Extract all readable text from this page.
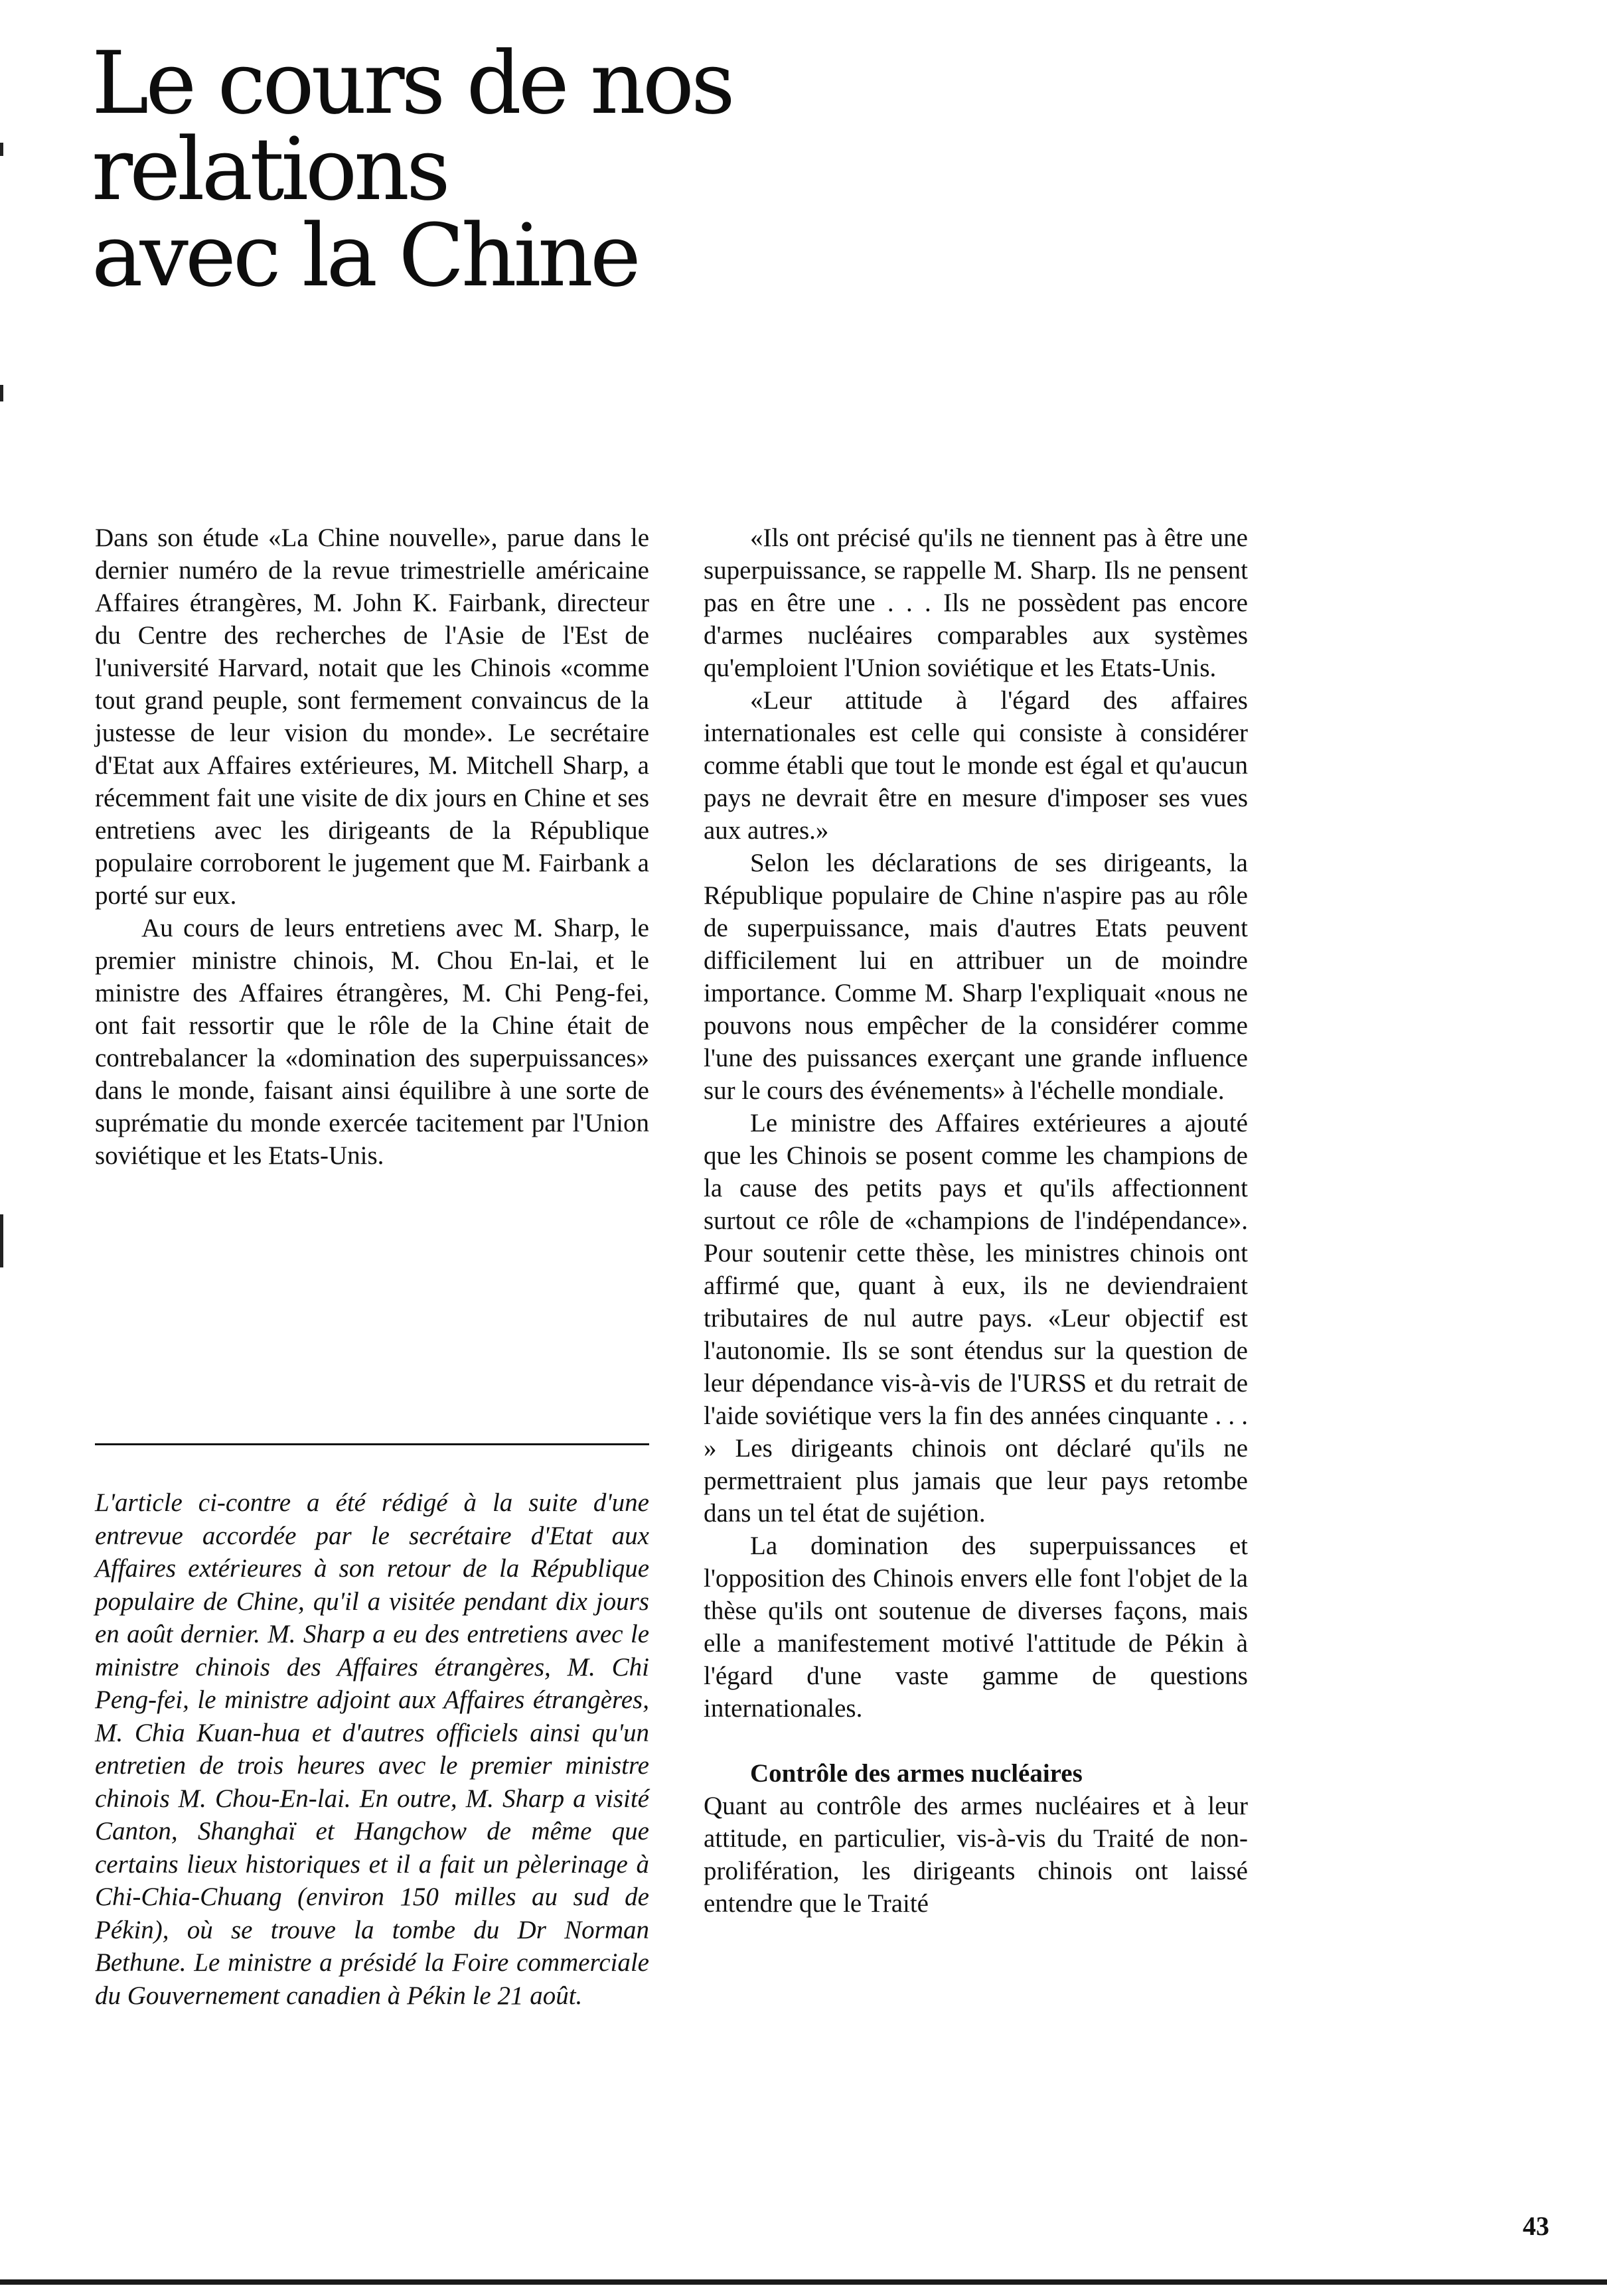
Le cours de nos relations
avec la Chine

Dans son étude «La Chine nouvelle», parue dans le dernier numéro de la revue trimestrielle américaine Affaires étrangères, M. John K. Fairbank, directeur du Centre des recherches de l'Asie de l'Est de l'université Harvard, notait que les Chinois «comme tout grand peuple, sont fermement convaincus de la justesse de leur vision du monde». Le secrétaire d'Etat aux Affaires extérieures, M. Mitchell Sharp, a récemment fait une visite de dix jours en Chine et ses entretiens avec les dirigeants de la République populaire corroborent le jugement que M. Fairbank a porté sur eux.

Au cours de leurs entretiens avec M. Sharp, le premier ministre chinois, M. Chou En-lai, et le ministre des Affaires étrangères, M. Chi Peng-fei, ont fait ressortir que le rôle de la Chine était de contrebalancer la «domination des superpuissances» dans le monde, faisant ainsi équilibre à une sorte de suprématie du monde exercée tacitement par l'Union soviétique et les Etats-Unis.

L'article ci-contre a été rédigé à la suite d'une entrevue accordée par le secrétaire d'Etat aux Affaires extérieures à son retour de la République populaire de Chine, qu'il a visitée pendant dix jours en août dernier. M. Sharp a eu des entretiens avec le ministre chinois des Affaires étrangères, M. Chi Peng-fei, le ministre adjoint aux Affaires étrangères, M. Chia Kuan-hua et d'autres officiels ainsi qu'un entretien de trois heures avec le premier ministre chinois M. Chou-En-lai. En outre, M. Sharp a visité Canton, Shanghaï et Hangchow de même que certains lieux historiques et il a fait un pèlerinage à Chi-Chia-Chuang (environ 150 milles au sud de Pékin), où se trouve la tombe du Dr Norman Bethune. Le ministre a présidé la Foire commerciale du Gouvernement canadien à Pékin le 21 août.

«Ils ont précisé qu'ils ne tiennent pas à être une superpuissance, se rappelle M. Sharp. Ils ne pensent pas en être une . . . Ils ne possèdent pas encore d'armes nucléaires comparables aux systèmes qu'emploient l'Union soviétique et les Etats-Unis.

«Leur attitude à l'égard des affaires internationales est celle qui consiste à considérer comme établi que tout le monde est égal et qu'aucun pays ne devrait être en mesure d'imposer ses vues aux autres.»

Selon les déclarations de ses dirigeants, la République populaire de Chine n'aspire pas au rôle de superpuissance, mais d'autres Etats peuvent difficilement lui en attribuer un de moindre importance. Comme M. Sharp l'expliquait «nous ne pouvons nous empêcher de la considérer comme l'une des puissances exerçant une grande influence sur le cours des événements» à l'échelle mondiale.

Le ministre des Affaires extérieures a ajouté que les Chinois se posent comme les champions de la cause des petits pays et qu'ils affectionnent surtout ce rôle de «champions de l'indépendance». Pour soutenir cette thèse, les ministres chinois ont affirmé que, quant à eux, ils ne deviendraient tributaires de nul autre pays. «Leur objectif est l'autonomie. Ils se sont étendus sur la question de leur dépendance vis-à-vis de l'URSS et du retrait de l'aide soviétique vers la fin des années cinquante . . . » Les dirigeants chinois ont déclaré qu'ils ne permettraient plus jamais que leur pays retombe dans un tel état de sujétion.

La domination des superpuissances et l'opposition des Chinois envers elle font l'objet de la thèse qu'ils ont soutenue de diverses façons, mais elle a manifestement motivé l'attitude de Pékin à l'égard d'une vaste gamme de questions internationales.

Contrôle des armes nucléaires

Quant au contrôle des armes nucléaires et à leur attitude, en particulier, vis-à-vis du Traité de non-prolifération, les dirigeants chinois ont laissé entendre que le Traité

43
